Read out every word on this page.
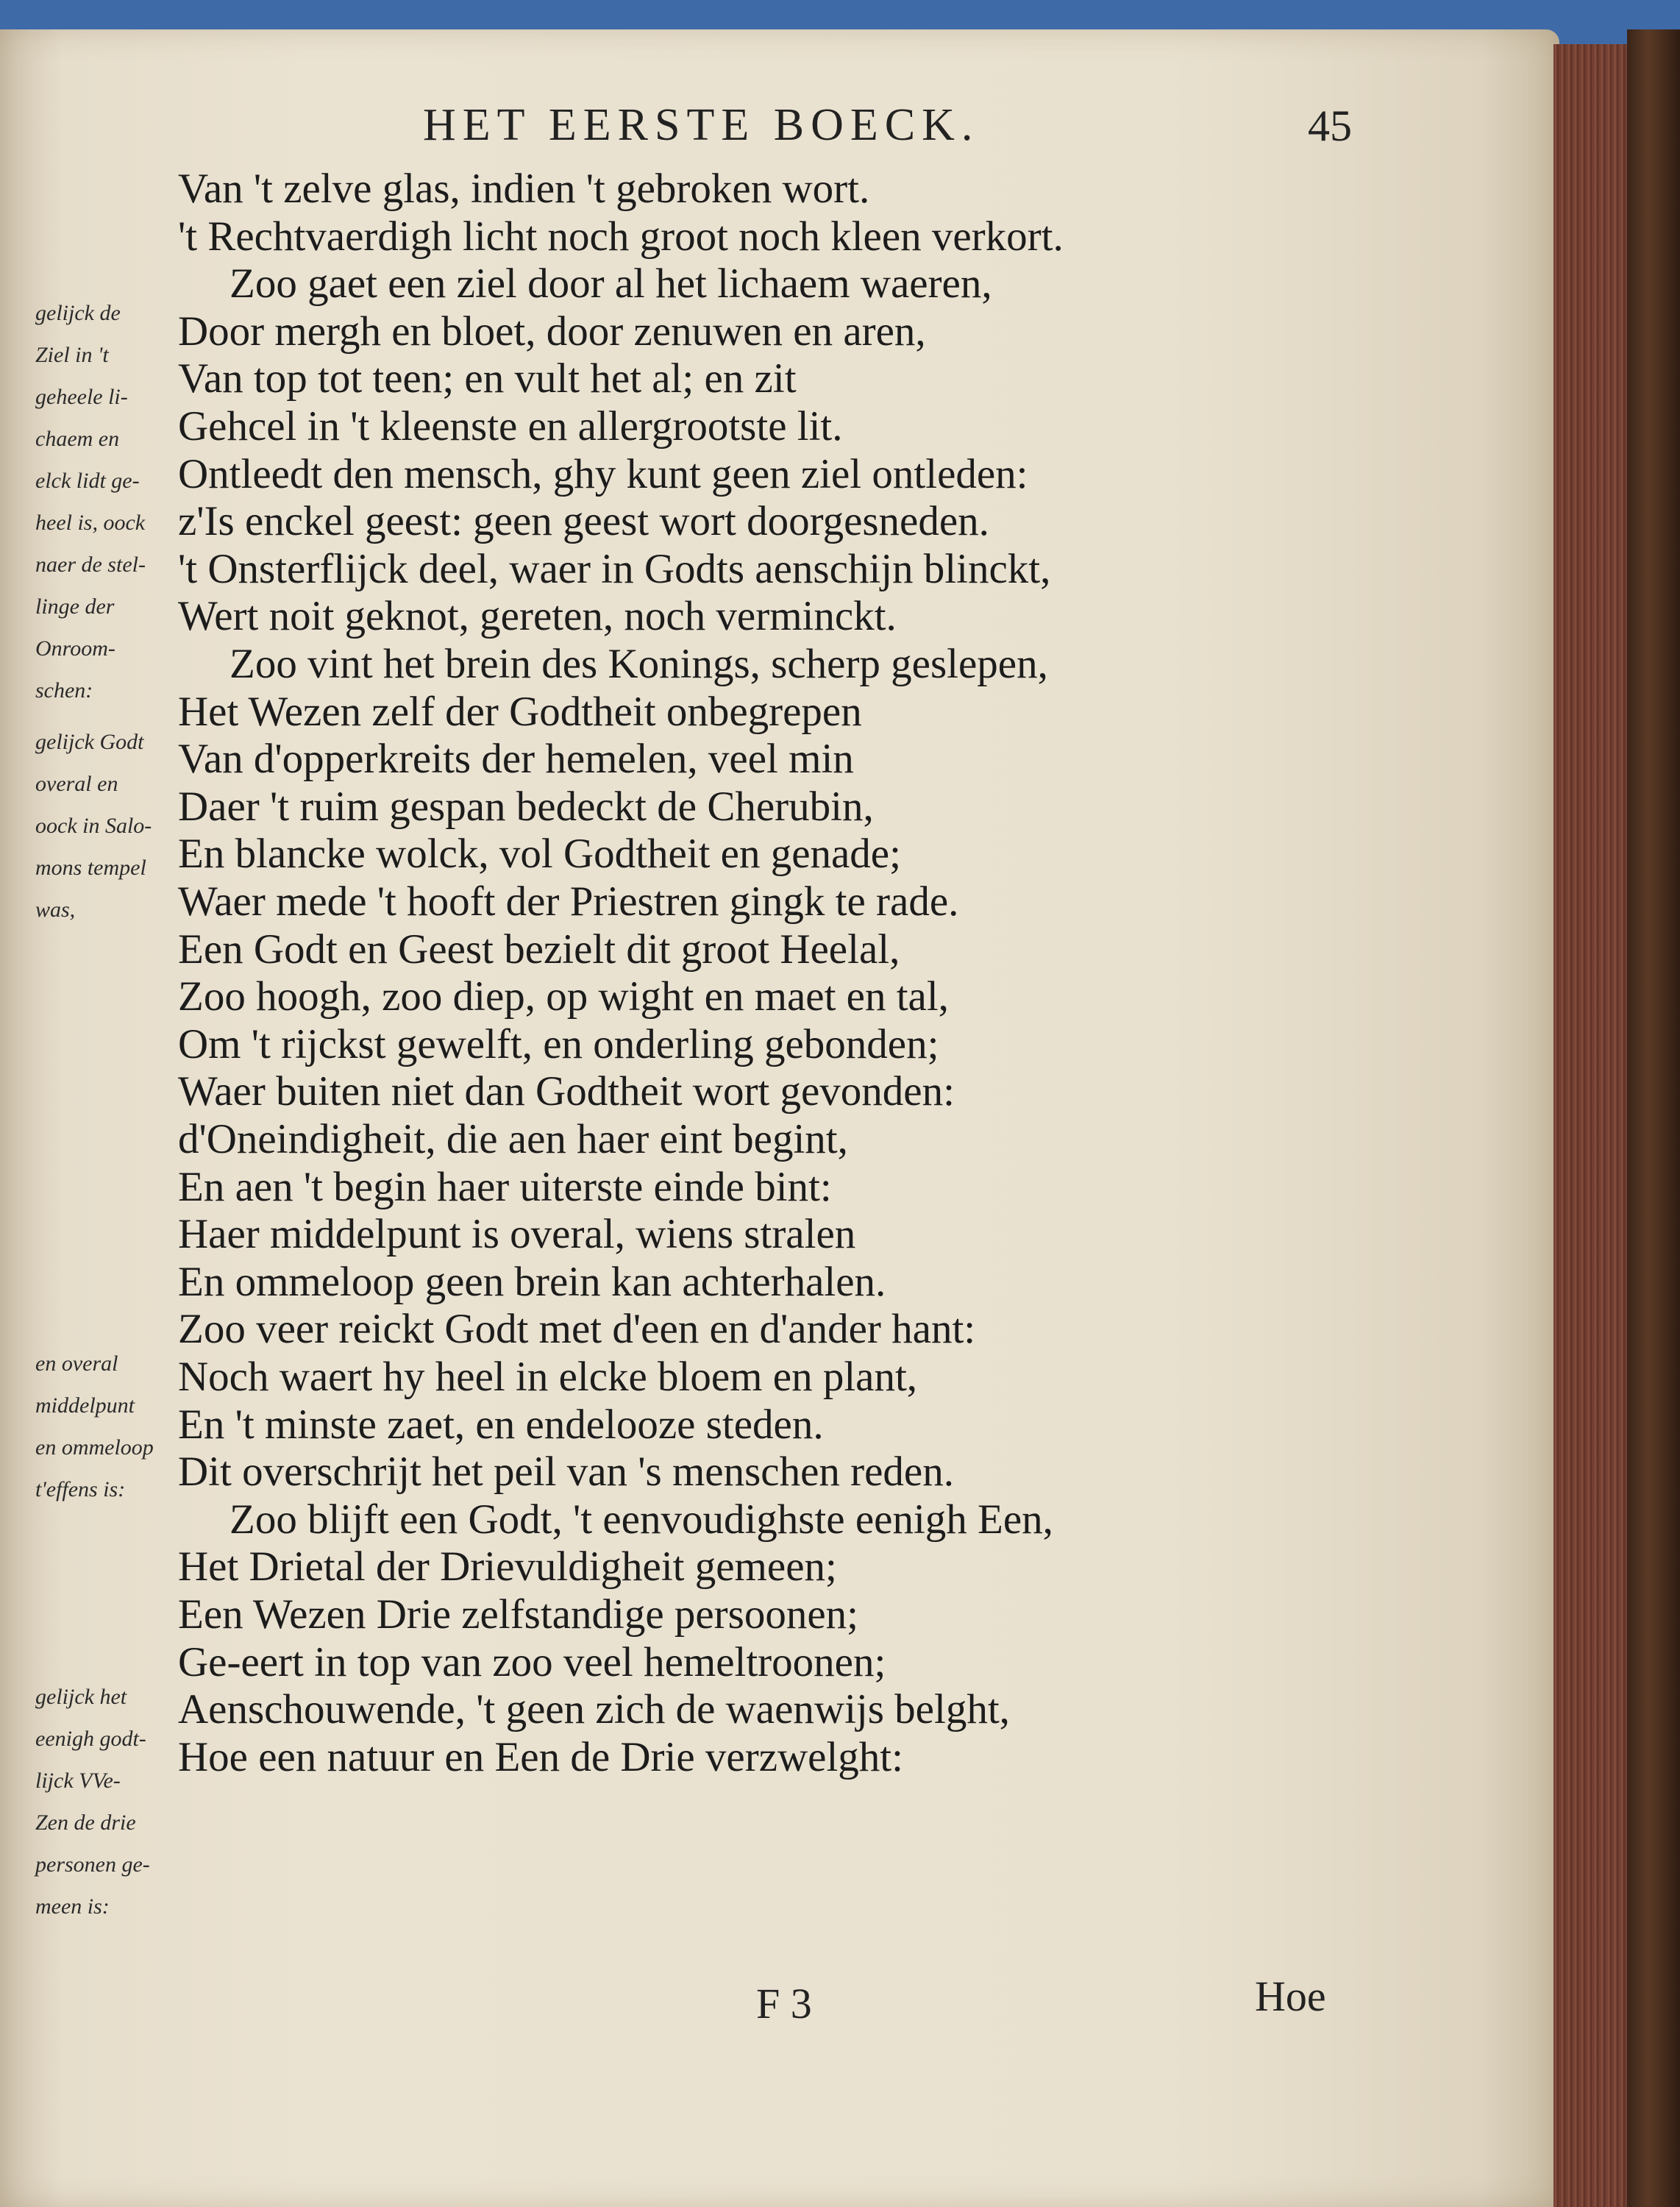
HET EERSTE BOECK.	45
Van 't zelve glas, indien 't gebroken wort.
't Rechtvaerdigh licht noch groot noch kleen verkort.
Zoo gaet een ziel door al het lichaem waeren,
Door mergh en bloet, door zenuwen en aren,
Van top tot teen; en vult het al; en zit
Gehcel in 't kleenste en allergrootste lit.
Ontleedt den mensch, ghy kunt geen ziel ontleden:
z'Is enckel geest: geen geest wort doorgesneden.
't Onsterflijck deel, waer in Godts aenschijn blinckt,
Wert noit geknot, gereten, noch verminckt.
Zoo vint het brein des Konings, scherp geslepen,
Het Wezen zelf der Godtheit onbegrepen
Van d'opperkreits der hemelen, veel min
Daer 't ruim gespan bedeckt de Cherubin,
En blancke wolck, vol Godtheit en genade;
Waer mede 't hooft der Priestren gingk te rade.
Een Godt en Geest bezielt dit groot Heelal,
Zoo hoogh, zoo diep, op wight en maet en tal,
Om 't rijckst gewelft, en onderling gebonden;
Waer buiten niet dan Godtheit wort gevonden:
d'Oneindigheit, die aen haer eint begint,
En aen 't begin haer uiterste einde bint:
Haer middelpunt is overal, wiens stralen
En ommeloop geen brein kan achterhalen.
Zoo veer reickt Godt met d'een en d'ander hant:
Noch waert hy heel in elcke bloem en plant,
En 't minste zaet, en endelooze steden.
Dit overschrijt het peil van 's menschen reden.
Zoo blijft een Godt, 't eenvoudighste eenigh Een,
Het Drietal der Drievuldigheit gemeen;
Een Wezen Drie zelfstandige persoonen;
Ge-eert in top van zoo veel hemeltroonen;
Aenschouwende, 't geen zich de waenwijs belght,
Hoe een natuur en Een de Drie verzwelght:
gelijck de
Ziel in 't
geheele li-
chaem en
elck lidt ge-
heel is, oock
naer de stel-
linge der
Onroom-
schen:
gelijck Godt
overal en
oock in Salo-
mons tempel
was,
en overal
middelpunt
en ommeloop
t'effens is:
gelijck het
eenigh godt-
lijck VVe-
Zen de drie
personen ge-
meen is:
F 3	Hoe
